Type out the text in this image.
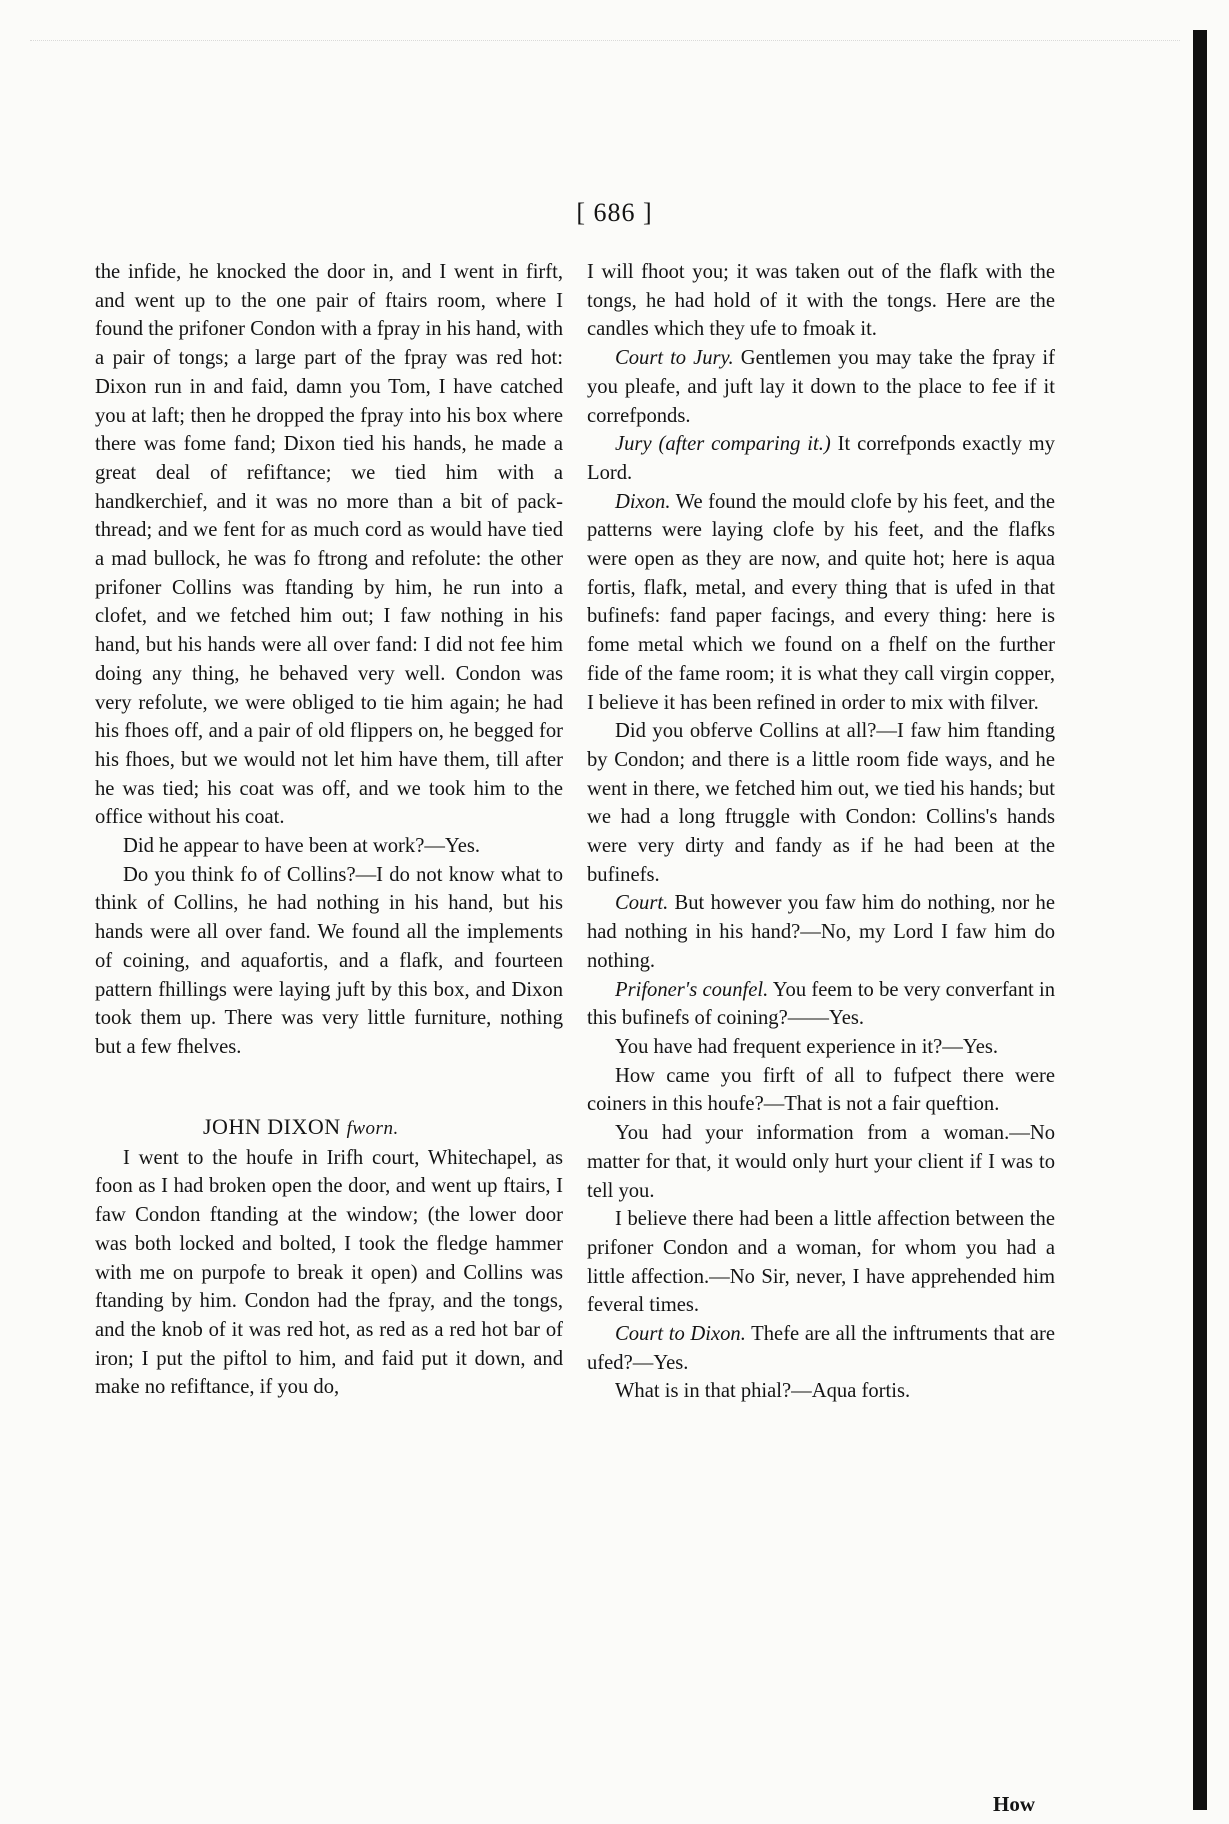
[ 686 ]

the infide, he knocked the door in, and I went in firft, and went up to the one pair of ftairs room, where I found the prifoner Condon with a fpray in his hand, with a pair of tongs; a large part of the fpray was red hot: Dixon run in and faid, damn you Tom, I have catched you at laft; then he dropped the fpray into his box where there was fome fand; Dixon tied his hands, he made a great deal of refiftance; we tied him with a handkerchief, and it was no more than a bit of pack-thread; and we fent for as much cord as would have tied a mad bullock, he was fo ftrong and refolute: the other prifoner Collins was ftanding by him, he run into a clofet, and we fetched him out; I faw nothing in his hand, but his hands were all over fand: I did not fee him doing any thing, he behaved very well. Condon was very refolute, we were obliged to tie him again; he had his fhoes off, and a pair of old flippers on, he begged for his fhoes, but we would not let him have them, till after he was tied; his coat was off, and we took him to the office without his coat.

Did he appear to have been at work?—Yes.

Do you think fo of Collins?—I do not know what to think of Collins, he had nothing in his hand, but his hands were all over fand. We found all the implements of coining, and aquafortis, and a flafk, and fourteen pattern fhillings were laying juft by this box, and Dixon took them up. There was very little furniture, nothing but a few fhelves.

JOHN DIXON fworn.

I went to the houfe in Irifh court, Whitechapel, as foon as I had broken open the door, and went up ftairs, I faw Condon ftanding at the window; (the lower door was both locked and bolted, I took the fledge hammer with me on purpofe to break it open) and Collins was ftanding by him. Condon had the fpray, and the tongs, and the knob of it was red hot, as red as a red hot bar of iron; I put the piftol to him, and faid put it down, and make no refiftance, if you do,

I will fhoot you; it was taken out of the flafk with the tongs, he had hold of it with the tongs. Here are the candles which they ufe to fmoak it.

Court to Jury. Gentlemen you may take the fpray if you pleafe, and juft lay it down to the place to fee if it correfponds.

Jury (after comparing it.) It correfponds exactly my Lord.

Dixon. We found the mould clofe by his feet, and the patterns were laying clofe by his feet, and the flafks were open as they are now, and quite hot; here is aqua fortis, flafk, metal, and every thing that is ufed in that bufinefs: fand paper facings, and every thing: here is fome metal which we found on a fhelf on the further fide of the fame room; it is what they call virgin copper, I believe it has been refined in order to mix with filver.

Did you obferve Collins at all?—I faw him ftanding by Condon; and there is a little room fide ways, and he went in there, we fetched him out, we tied his hands; but we had a long ftruggle with Condon: Collins's hands were very dirty and fandy as if he had been at the bufinefs.

Court. But however you faw him do nothing, nor he had nothing in his hand?—No, my Lord I faw him do nothing.

Prifoner's counfel. You feem to be very converfant in this bufinefs of coining?——Yes.

You have had frequent experience in it?—Yes.

How came you firft of all to fufpect there were coiners in this houfe?—That is not a fair queftion.

You had your information from a woman.—No matter for that, it would only hurt your client if I was to tell you.

I believe there had been a little affection between the prifoner Condon and a woman, for whom you had a little affection.—No Sir, never, I have apprehended him feveral times.

Court to Dixon. Thefe are all the inftruments that are ufed?—Yes.

What is in that phial?—Aqua fortis.

How
